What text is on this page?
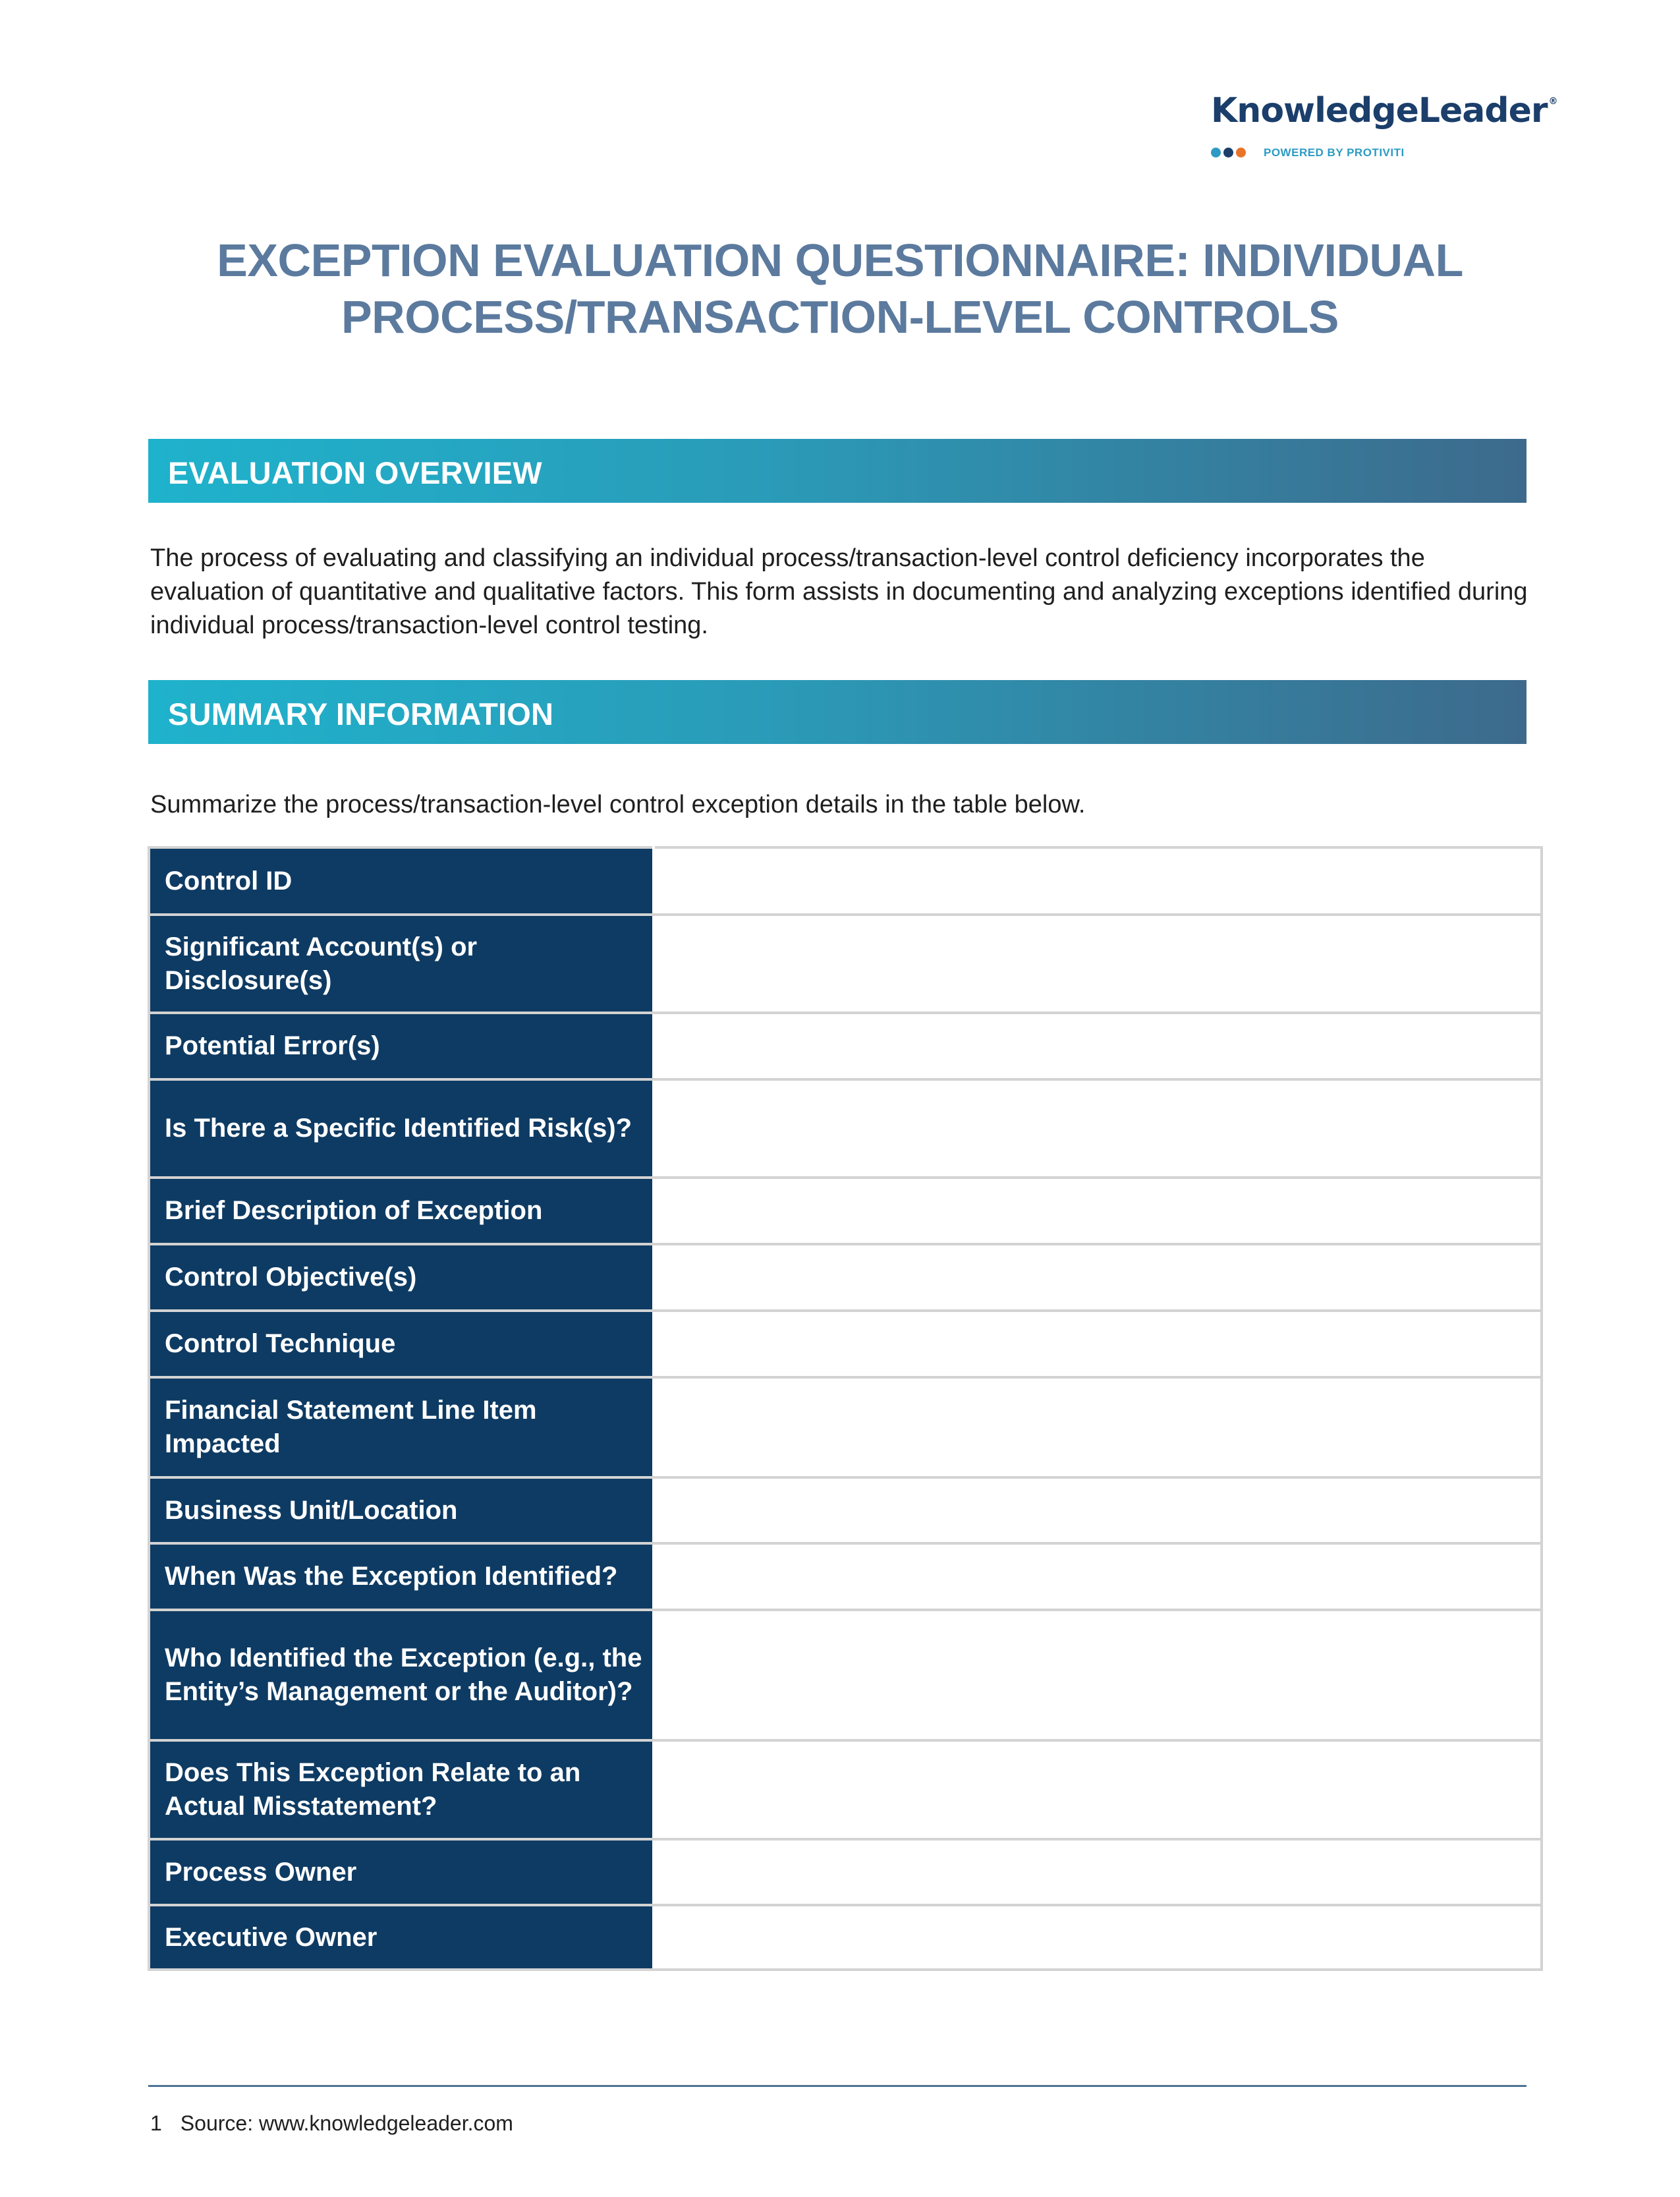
KnowledgeLeader ®
POWERED BY PROTIVITI
EXCEPTION EVALUATION QUESTIONNAIRE: INDIVIDUAL
PROCESS/TRANSACTION-LEVEL CONTROLS
EVALUATION OVERVIEW
The process of evaluating and classifying an individual process/transaction-level control deficiency incorporates the evaluation of quantitative and qualitative factors. This form assists in documenting and analyzing exceptions identified during individual process/transaction-level control testing.
SUMMARY INFORMATION
Summarize the process/transaction-level control exception details in the table below.
Control ID	
Significant Account(s) or Disclosure(s)	
Potential Error(s)	
Is There a Specific Identified Risk(s)?	
Brief Description of Exception	
Control Objective(s)	
Control Technique	
Financial Statement Line Item Impacted	
Business Unit/Location	
When Was the Exception Identified?	
Who Identified the Exception (e.g., the Entity’s Management or the Auditor)?	
Does This Exception Relate to an Actual Misstatement?	
Process Owner	
Executive Owner	
1 Source: www.knowledgeleader.com
